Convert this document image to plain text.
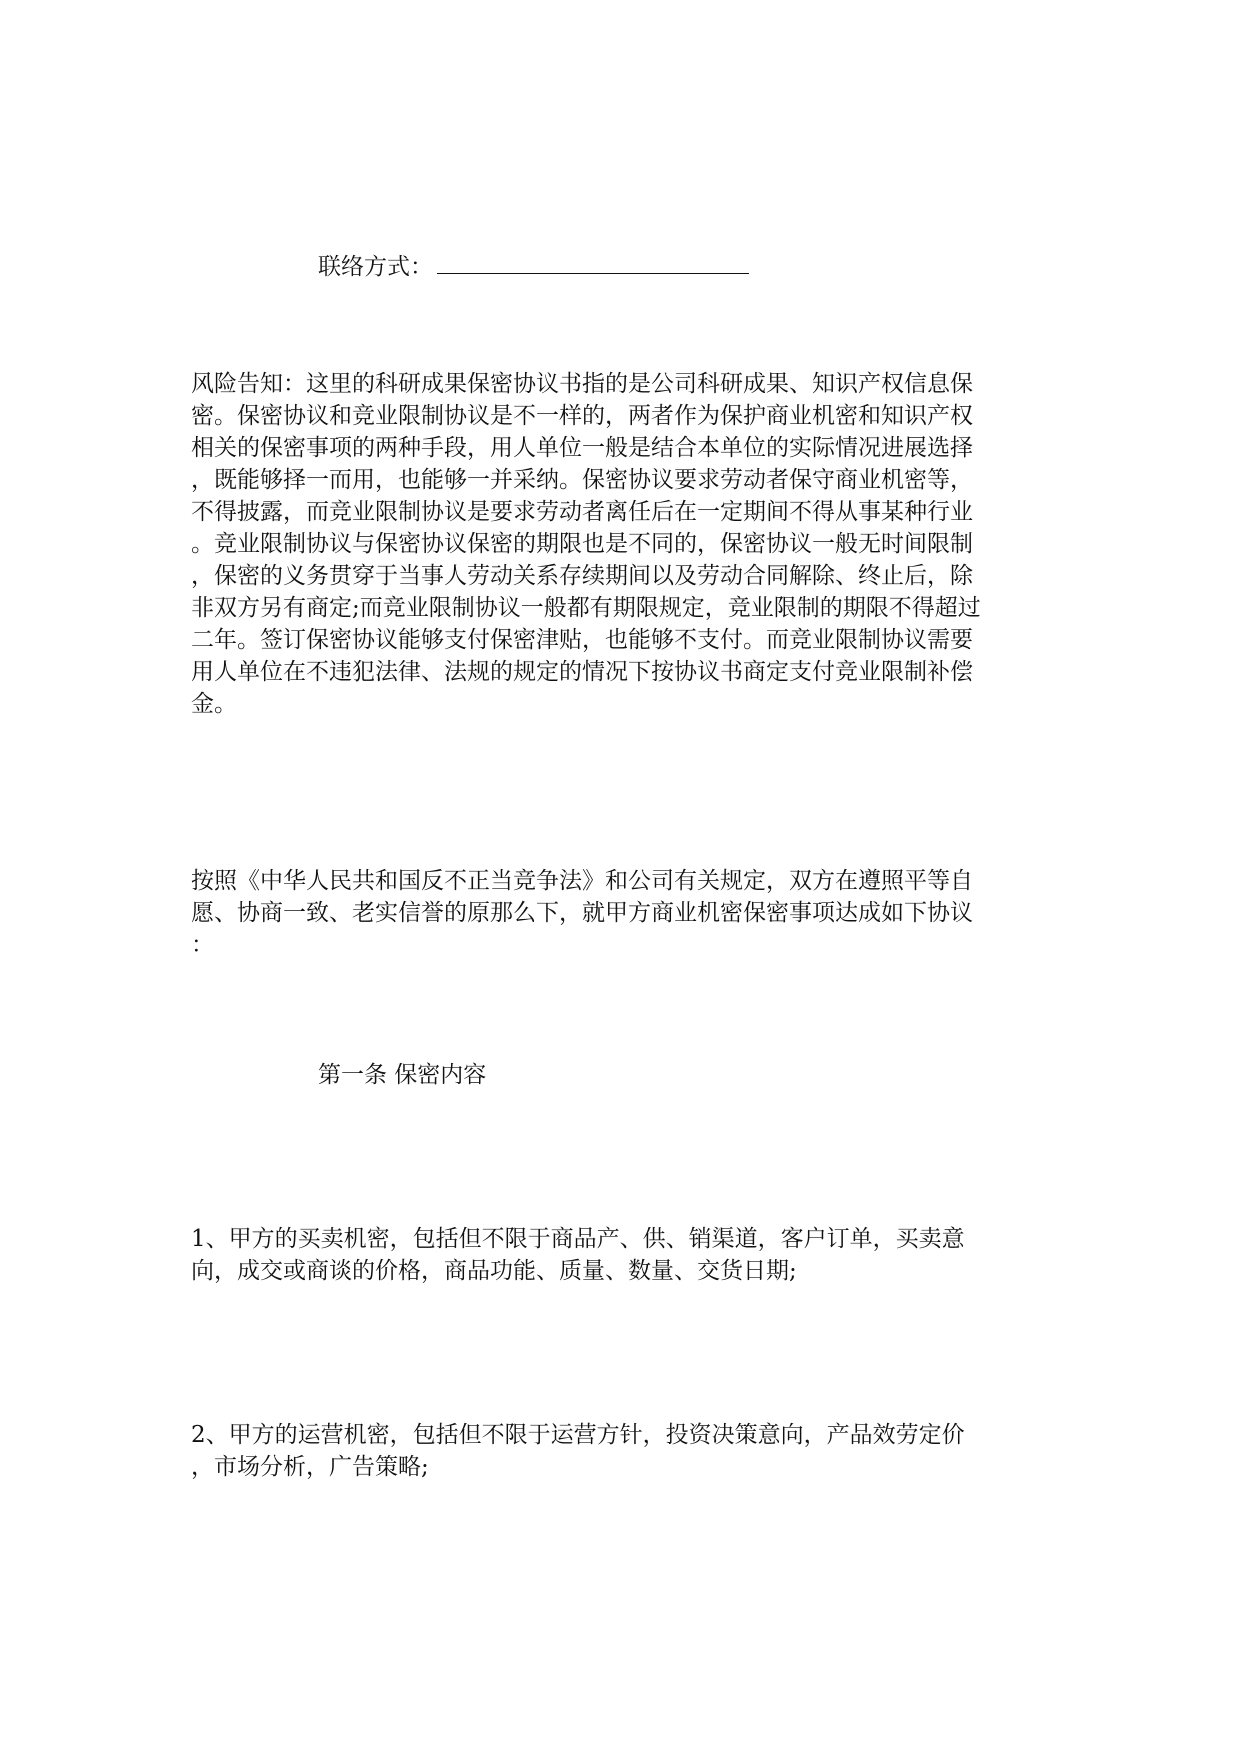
联络方式：
风险告知：这里的科研成果保密协议书指的是公司科研成果、知识产权信息保
密。保密协议和竞业限制协议是不一样的，两者作为保护商业机密和知识产权
相关的保密事项的两种手段，用人单位一般是结合本单位的实际情况进展选择
，既能够择一而用，也能够一并采纳。保密协议要求劳动者保守商业机密等，
不得披露，而竞业限制协议是要求劳动者离任后在一定期间不得从事某种行业
。竞业限制协议与保密协议保密的期限也是不同的，保密协议一般无时间限制
，保密的义务贯穿于当事人劳动关系存续期间以及劳动合同解除、终止后，除
非双方另有商定;而竞业限制协议一般都有期限规定，竞业限制的期限不得超过
二年。签订保密协议能够支付保密津贴，也能够不支付。而竞业限制协议需要
用人单位在不违犯法律、法规的规定的情况下按协议书商定支付竞业限制补偿
金。
按照《中华人民共和国反不正当竞争法》和公司有关规定，双方在遵照平等自
愿、协商一致、老实信誉的原那么下，就甲方商业机密保密事项达成如下协议
：
第一条 保密内容
1、甲方的买卖机密，包括但不限于商品产、供、销渠道，客户订单，买卖意
向，成交或商谈的价格，商品功能、质量、数量、交货日期;
2、甲方的运营机密，包括但不限于运营方针，投资决策意向，产品效劳定价
，市场分析，广告策略;
